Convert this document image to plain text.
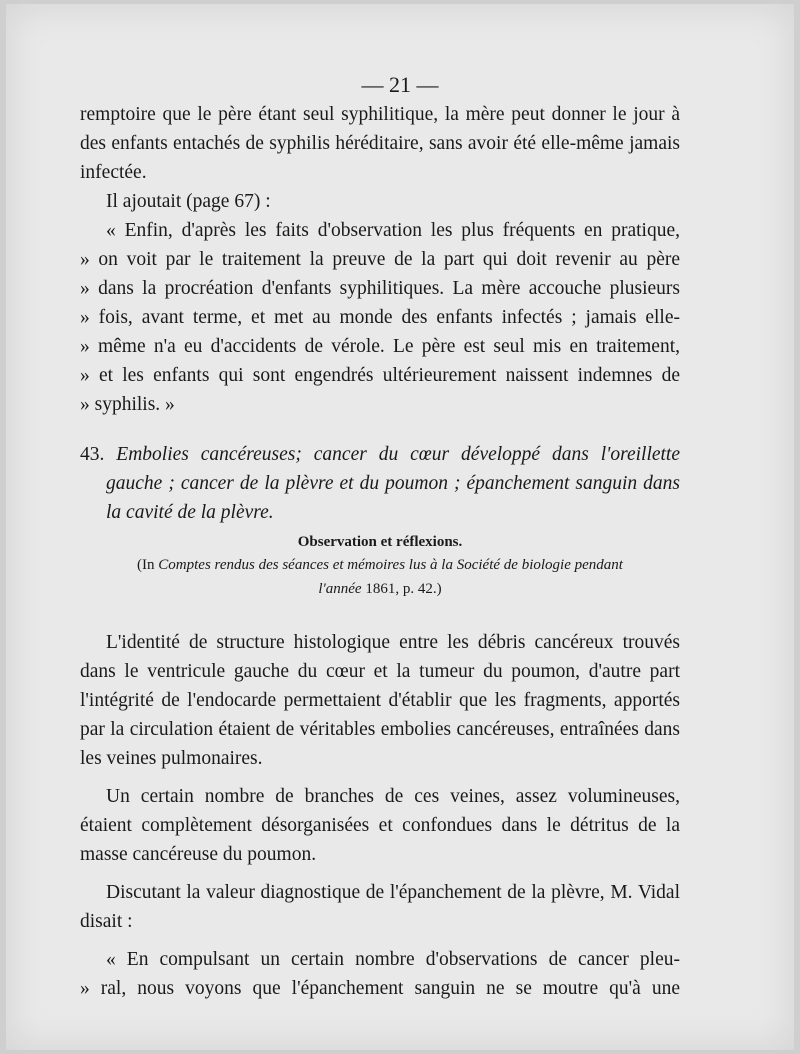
— 21 —

remptoire que le père étant seul syphilitique, la mère peut donner le jour à des enfants entachés de syphilis héréditaire, sans avoir été elle-même jamais infectée.

Il ajoutait (page 67) :

« Enfin, d'après les faits d'observation les plus fréquents en pratique,
» on voit par le traitement la preuve de la part qui doit revenir au père
» dans la procréation d'enfants syphilitiques. La mère accouche plusieurs
» fois, avant terme, et met au monde des enfants infectés ; jamais elle-
» même n'a eu d'accidents de vérole. Le père est seul mis en traitement,
» et les enfants qui sont engendrés ultérieurement naissent indemnes de
» syphilis. »

43. Embolies cancéreuses; cancer du cœur développé dans l'oreillette

gauche ; cancer de la plèvre et du poumon ; épanchement sanguin dans

la cavité de la plèvre.

Observation et réflexions.

(In Comptes rendus des séances et mémoires lus à la Société de biologie pendant
l'année 1861, p. 42.)

L'identité de structure histologique entre les débris cancéreux trouvés dans le ventricule gauche du cœur et la tumeur du poumon, d'autre part l'intégrité de l'endocarde permettaient d'établir que les fragments, apportés par la circulation étaient de véritables embolies cancéreuses, entraînées dans les veines pulmonaires.

Un certain nombre de branches de ces veines, assez volumineuses, étaient complètement désorganisées et confondues dans le détritus de la masse cancéreuse du poumon.

Discutant la valeur diagnostique de l'épanchement de la plèvre, M. Vidal disait :

« En compulsant un certain nombre d'observations de cancer pleu-
» ral, nous voyons que l'épanchement sanguin ne se moutre qu'à une
